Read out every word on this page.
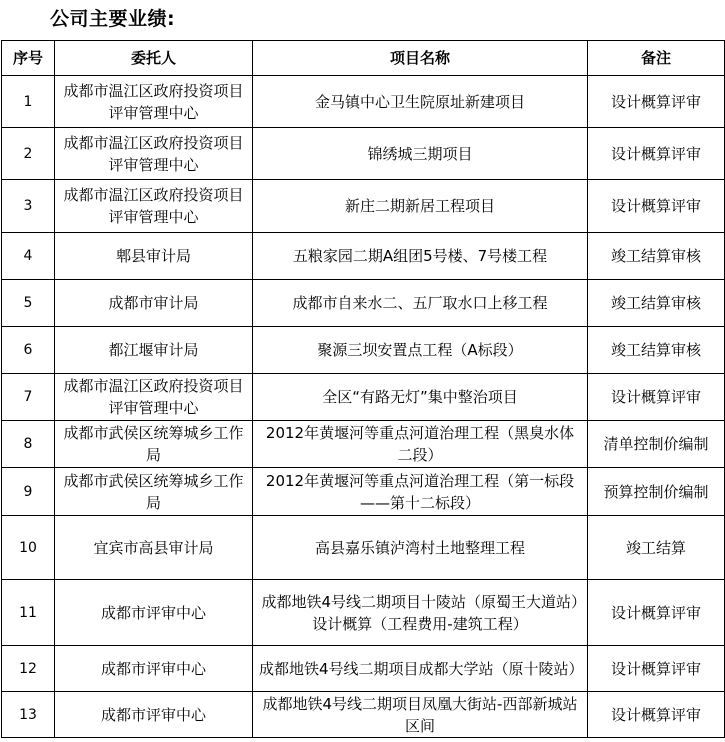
公司主要业绩:
序号	委托人	项目名称	备注
1	成都市温江区政府投资项目评审管理中心	金马镇中心卫生院原址新建项目	设计概算评审
2	成都市温江区政府投资项目评审管理中心	锦绣城三期项目	设计概算评审
3	成都市温江区政府投资项目评审管理中心	新庄二期新居工程项目	设计概算评审
4	郫县审计局	五粮家园二期A组团5号楼、7号楼工程	竣工结算审核
5	成都市审计局	成都市自来水二、五厂取水口上移工程	竣工结算审核
6	都江堰审计局	聚源三坝安置点工程（A标段）	竣工结算审核
7	成都市温江区政府投资项目评审管理中心	全区“有路无灯”集中整治项目	设计概算评审
8	成都市武侯区统筹城乡工作局	2012年黄堰河等重点河道治理工程（黑臭水体二段）	清单控制价编制
9	成都市武侯区统筹城乡工作局	2012年黄堰河等重点河道治理工程（第一标段——第十二标段）	预算控制价编制
10	宜宾市高县审计局	高县嘉乐镇泸湾村土地整理工程	竣工结算
11	成都市评审中心	成都地铁4号线二期项目十陵站（原蜀王大道站）设计概算（工程费用-建筑工程）	设计概算评审
12	成都市评审中心	成都地铁4号线二期项目成都大学站（原十陵站）	设计概算评审
13	成都市评审中心	成都地铁4号线二期项目凤凰大街站-西部新城站区间	设计概算评审
